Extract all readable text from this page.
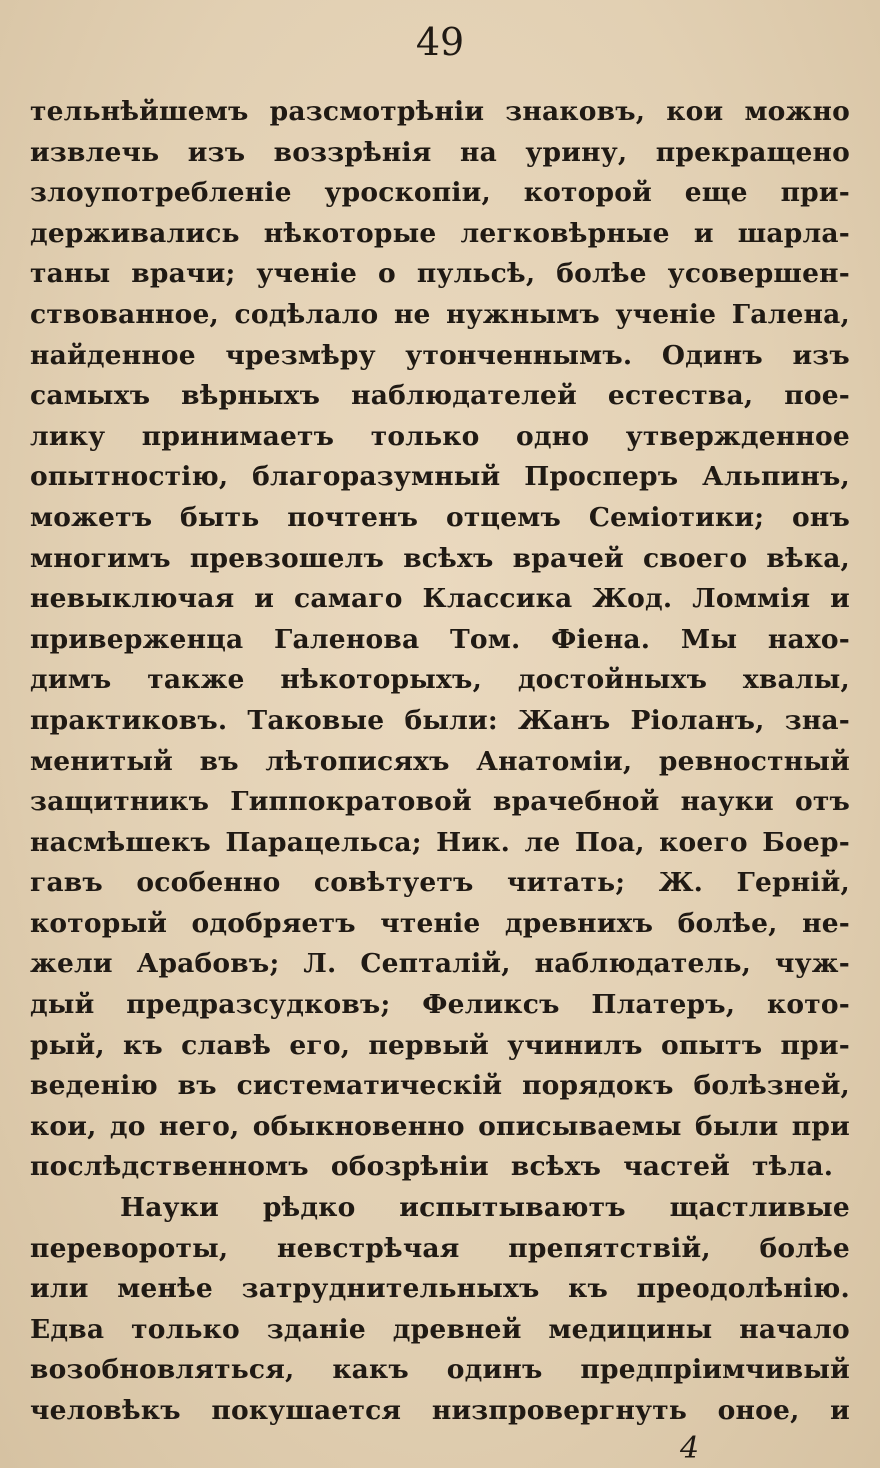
49
тельнѣйшемъ разсмотрѣніи знаковъ, кои можно
извлечь изъ воззрѣнія на урину, прекращено
злоупотребленіе уроскопіи, которой еще при-
держивались нѣкоторые легковѣрные и шарла-
таны врачи; ученіе о пульсѣ, болѣе усовершен-
ствованное, содѣлало не нужнымъ ученіе Галена,
найденное чрезмѣру утонченнымъ. Одинъ изъ
самыхъ вѣрныхъ наблюдателей естества, пое-
лику принимаетъ только одно утвержденное
опытностію, благоразумный Проспeръ Альпинъ,
можетъ быть почтенъ отцемъ Семіотики; онъ
многимъ превзошелъ всѣхъ врачей своего вѣка,
невыключая и самаго Классика Жод. Ломмія и
приверженца Галенова Том. Фіена. Мы нахо-
димъ также нѣкоторыхъ, достойныхъ хвалы,
практиковъ. Таковые были: Жанъ Ріоланъ, зна-
менитый въ лѣтописяхъ Анатоміи, ревностный
защитникъ Гиппократовой врачебной науки отъ
насмѣшекъ Парацельса; Ник. ле Поа, коего Боер-
гавъ особенно совѣтуетъ читать; Ж. Герній,
который одобряетъ чтеніе древнихъ болѣе, не-
жели Арабовъ; Л. Септалій, наблюдатель, чуж-
дый предразсудковъ; Феликсъ Платеръ, кото-
рый, къ славѣ его, первый учинилъ опытъ при-
веденію въ систематическій порядокъ болѣзней,
кои, до него, обыкновенно описываемы были при
послѣдственномъ обозрѣніи всѣхъ частей тѣла.
Науки рѣдко испытываютъ щастливые
перевороты, невстрѣчая препятствій, болѣе
или менѣе затруднительныхъ къ преодолѣнію.
Едва только зданіе древней медицины начало
возобновляться, какъ одинъ предпріимчивый
человѣкъ покушается низпровергнуть оное, и
4
